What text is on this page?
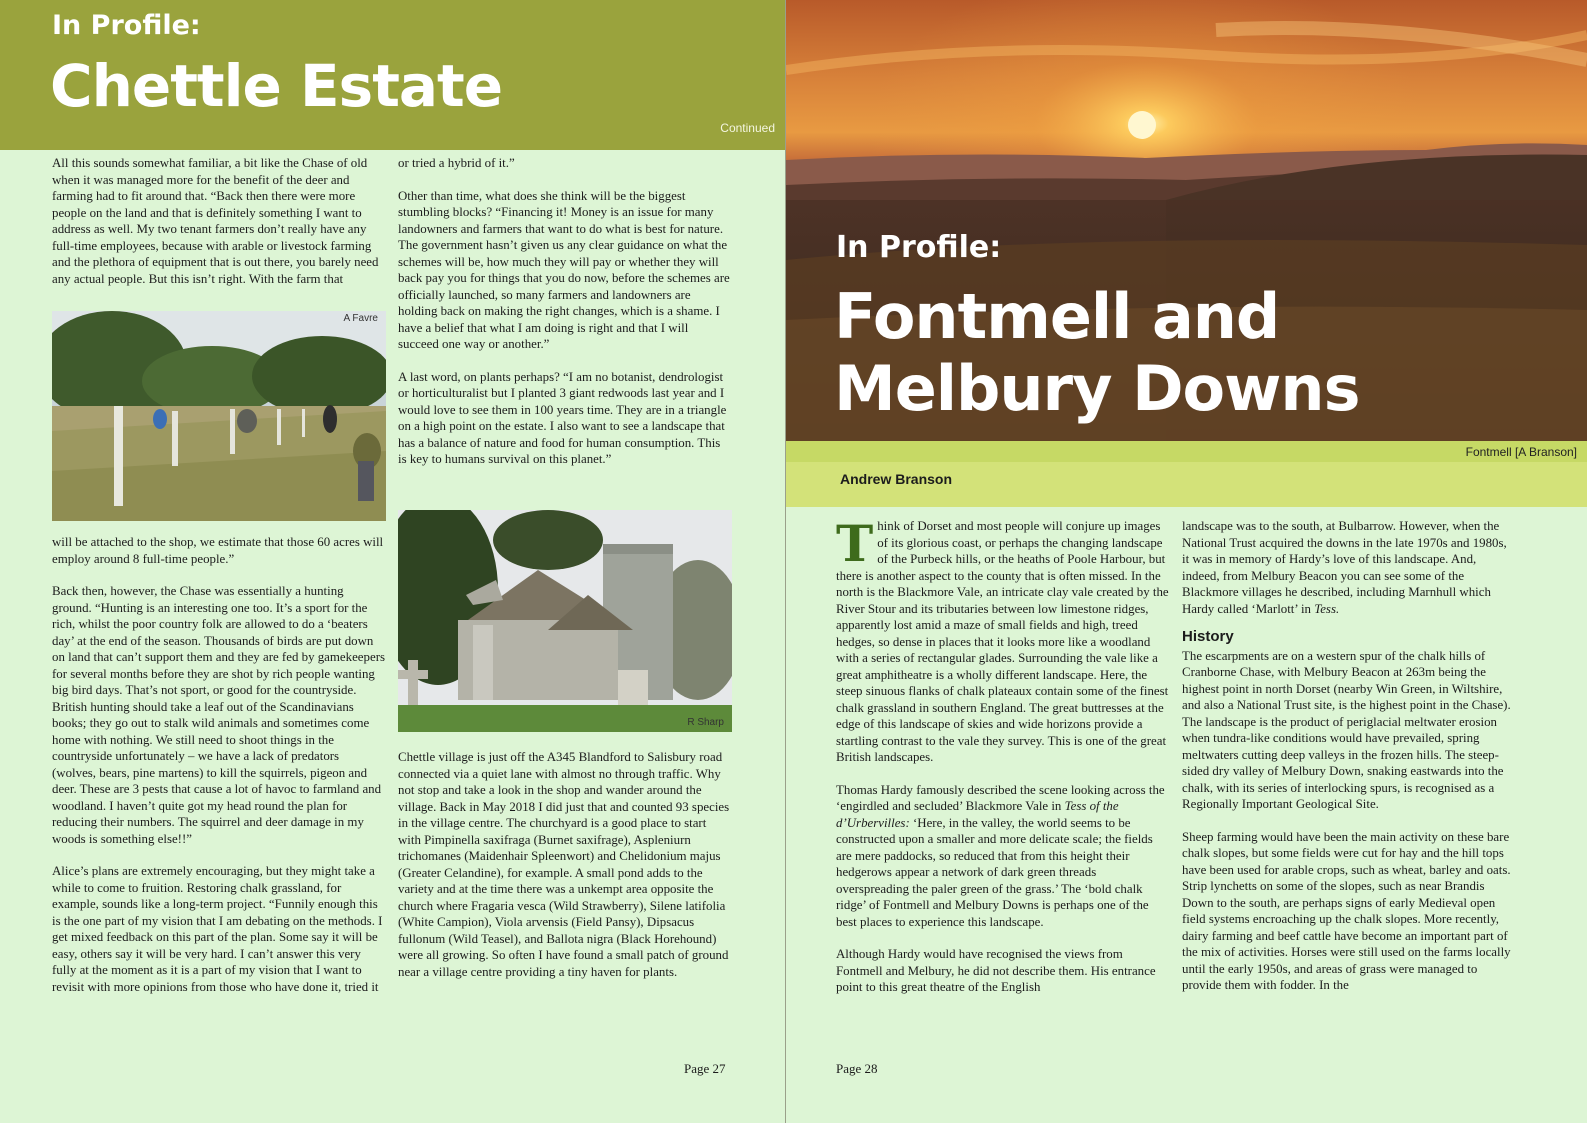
In Profile:
Chettle Estate
Continued

All this sounds somewhat familiar, a bit like the Chase of old when it was managed more for the benefit of the deer and farming had to fit around that. “Back then there were more people on the land and that is definitely something I want to address as well. My two tenant farmers don’t really have any full-time employees, because with arable or livestock farming and the plethora of equipment that is out there, you barely need any actual people. But this isn’t right. With the farm that

A Favre

will be attached to the shop, we estimate that those 60 acres will employ around 8 full-time people.”

Back then, however, the Chase was essentially a hunting ground. “Hunting is an interesting one too. It’s a sport for the rich, whilst the poor country folk are allowed to do a ‘beaters day’ at the end of the season. Thousands of birds are put down on land that can’t support them and they are fed by gamekeepers for several months before they are shot by rich people wanting big bird days. That’s not sport, or good for the countryside. British hunting should take a leaf out of the Scandinavians books; they go out to stalk wild animals and sometimes come home with nothing. We still need to shoot things in the countryside unfortunately – we have a lack of predators (wolves, bears, pine martens) to kill the squirrels, pigeon and deer. These are 3 pests that cause a lot of havoc to farmland and woodland. I haven’t quite got my head round the plan for reducing their numbers. The squirrel and deer damage in my woods is something else!!”

Alice’s plans are extremely encouraging, but they might take a while to come to fruition. Restoring chalk grassland, for example, sounds like a long-term project. “Funnily enough this is the one part of my vision that I am debating on the methods. I get mixed feedback on this part of the plan. Some say it will be easy, others say it will be very hard. I can’t answer this very fully at the moment as it is a part of my vision that I want to revisit with more opinions from those who have done it, tried it

or tried a hybrid of it.”

Other than time, what does she think will be the biggest stumbling blocks? “Financing it! Money is an issue for many landowners and farmers that want to do what is best for nature. The government hasn’t given us any clear guidance on what the schemes will be, how much they will pay or whether they will back pay you for things that you do now, before the schemes are officially launched, so many farmers and landowners are holding back on making the right changes, which is a shame. I have a belief that what I am doing is right and that I will succeed one way or another.”

A last word, on plants perhaps? “I am no botanist, dendrologist or horticulturalist but I planted 3 giant redwoods last year and I would love to see them in 100 years time. They are in a triangle on a high point on the estate. I also want to see a landscape that has a balance of nature and food for human consumption. This is key to humans survival on this planet.”

R Sharp

Chettle village is just off the A345 Blandford to Salisbury road connected via a quiet lane with almost no through traffic. Why not stop and take a look in the shop and wander around the village. Back in May 2018 I did just that and counted 93 species in the village centre. The churchyard is a good place to start with Pimpinella saxifraga (Burnet saxifrage), Aspleniurn trichomanes (Maidenhair Spleenwort) and Chelidonium majus (Greater Celandine), for example. A small pond adds to the variety and at the time there was a unkempt area opposite the church where Fragaria vesca (Wild Strawberry), Silene latifolia (White Campion), Viola arvensis (Field Pansy), Dipsacus fullonum (Wild Teasel), and Ballota nigra (Black Horehound) were all growing. So often I have found a small patch of ground near a village centre providing a tiny haven for plants.

Page 27
In Profile:
Fontmell and
Melbury Downs
Fontmell [A Branson]
Andrew Branson

Think of Dorset and most people will conjure up images of its glorious coast, or perhaps the changing landscape of the Purbeck hills, or the heaths of Poole Harbour, but there is another aspect to the county that is often missed. In the north is the Blackmore Vale, an intricate clay vale created by the River Stour and its tributaries between low limestone ridges, apparently lost amid a maze of small fields and high, treed hedges, so dense in places that it looks more like a woodland with a series of rectangular glades. Surrounding the vale like a great amphitheatre is a wholly different landscape. Here, the steep sinuous flanks of chalk plateaux contain some of the finest chalk grassland in southern England. The great buttresses at the edge of this landscape of skies and wide horizons provide a startling contrast to the vale they survey. This is one of the great British landscapes.

Thomas Hardy famously described the scene looking across the ‘engirdled and secluded’ Blackmore Vale in Tess of the d’Urbervilles: ‘Here, in the valley, the world seems to be constructed upon a smaller and more delicate scale; the fields are mere paddocks, so reduced that from this height their hedgerows appear a network of dark green threads overspreading the paler green of the grass.’ The ‘bold chalk ridge’ of Fontmell and Melbury Downs is perhaps one of the best places to experience this landscape.

Although Hardy would have recognised the views from Fontmell and Melbury, he did not describe them. His entrance point to this great theatre of the English

landscape was to the south, at Bulbarrow. However, when the National Trust acquired the downs in the late 1970s and 1980s, it was in memory of Hardy’s love of this landscape. And, indeed, from Melbury Beacon you can see some of the Blackmore villages he described, including Marnhull which Hardy called ‘Marlott’ in Tess.

History

The escarpments are on a western spur of the chalk hills of Cranborne Chase, with Melbury Beacon at 263m being the highest point in north Dorset (nearby Win Green, in Wiltshire, and also a National Trust site, is the highest point in the Chase). The landscape is the product of periglacial meltwater erosion when tundra-like conditions would have prevailed, spring meltwaters cutting deep valleys in the frozen hills. The steep-sided dry valley of Melbury Down, snaking eastwards into the chalk, with its series of interlocking spurs, is recognised as a Regionally Important Geological Site.

Sheep farming would have been the main activity on these bare chalk slopes, but some fields were cut for hay and the hill tops have been used for arable crops, such as wheat, barley and oats. Strip lynchetts on some of the slopes, such as near Brandis Down to the south, are perhaps signs of early Medieval open field systems encroaching up the chalk slopes. More recently, dairy farming and beef cattle have become an important part of the mix of activities. Horses were still used on the farms locally until the early 1950s, and areas of grass were managed to provide them with fodder. In the

Page 28
